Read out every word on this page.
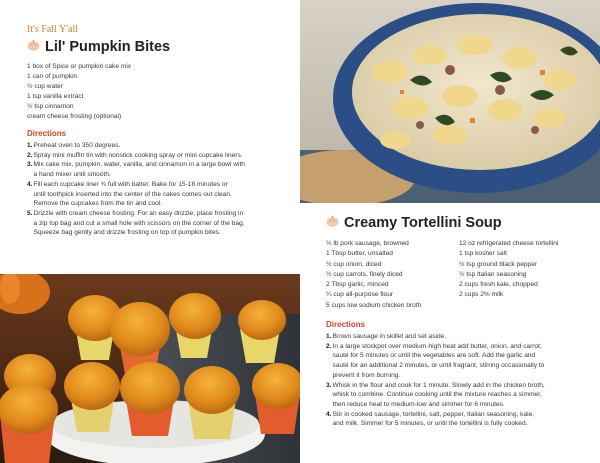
It's Fall Y'all
Lil' Pumpkin Bites
1 box of Spice or pumpkin cake mix
1 can of pumpkin
½ cup water
1 tsp vanilla extract
½ tsp cinnamon
cream cheese frosting (optional)
Directions
1. Preheat oven to 350 degrees.
2. Spray mini muffin tin with nonstick cooking spray or mini cupcake liners.
3. Mix cake mix, pumpkin, water, vanilla, and cinnamon in a large bowl with
a hand mixer until smooth.
4. Fill each cupcake liner ¾ full with batter. Bake for 15-18 minutes or
until toothpick inserted into the center of the cakes comes out clean.
Remove the cupcakes from the tin and cool.
5. Drizzle with cream cheese frosting. For an easy drizzle, place frosting in
a zip top bag and cut a small hole with scissors on the corner of the bag.
Squeeze bag gently and drizzle frosting on top of pumpkin bites.
Creamy Tortellini Soup
½ lb pork sausage, browned
1 Tbsp butter, unsalted
½ cup onion, diced
½ cup carrots, finely diced
2 Tbsp garlic, minced
¼ cup all-purpose flour
5 cups low sodium chicken broth
12 oz refrigerated cheese tortellini
1 tsp kosher salt
½ tsp ground black pepper
½ tsp Italian seasoning
2 cups fresh kale, chopped
2 cups 2% milk
Directions
1. Brown sausage in skillet and set aside.
2. In a large stockpot over medium-high heat add butter, onion, and carrot;
sauté for 5 minutes or until the vegetables are soft. Add the garlic and
sauté for an additional 2 minutes, or until fragrant, stirring occasionally to
prevent it from burning.
3. Whisk in the flour and cook for 1 minute. Slowly add in the chicken broth,
whisk to combine. Continue cooking until the mixture reaches a simmer,
then reduce heat to medium-low and simmer for 6 minutes.
4. Stir in cooked sausage, tortellini, salt, pepper, Italian seasoning, kale,
and milk. Simmer for 5 minutes, or until the tortellini is fully cooked.
